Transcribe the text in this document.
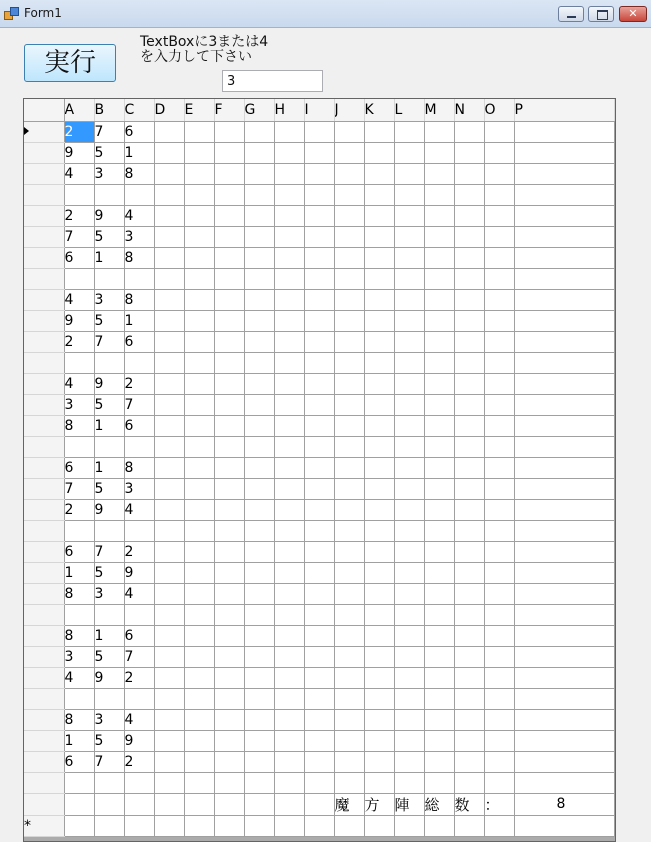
Form1	✕
実行
TextBoxに3または4
を入力して下さい
3
	A	B	C	D	E	F	G	H	I	J	K	L	M	N	O	P
	2	7	6													
	9	5	1													
	4	3	8													

	2	9	4													
	7	5	3													
	6	1	8													

	4	3	8													
	9	5	1													
	2	7	6													

	4	9	2													
	3	5	7													
	8	1	6													

	6	1	8													
	7	5	3													
	2	9	4													

	6	7	2													
	1	5	9													
	8	3	4													

	8	1	6													
	3	5	7													
	4	9	2													

	8	3	4													
	1	5	9													
	6	7	2													

										魔	方	陣	総	数	：	8
*																
